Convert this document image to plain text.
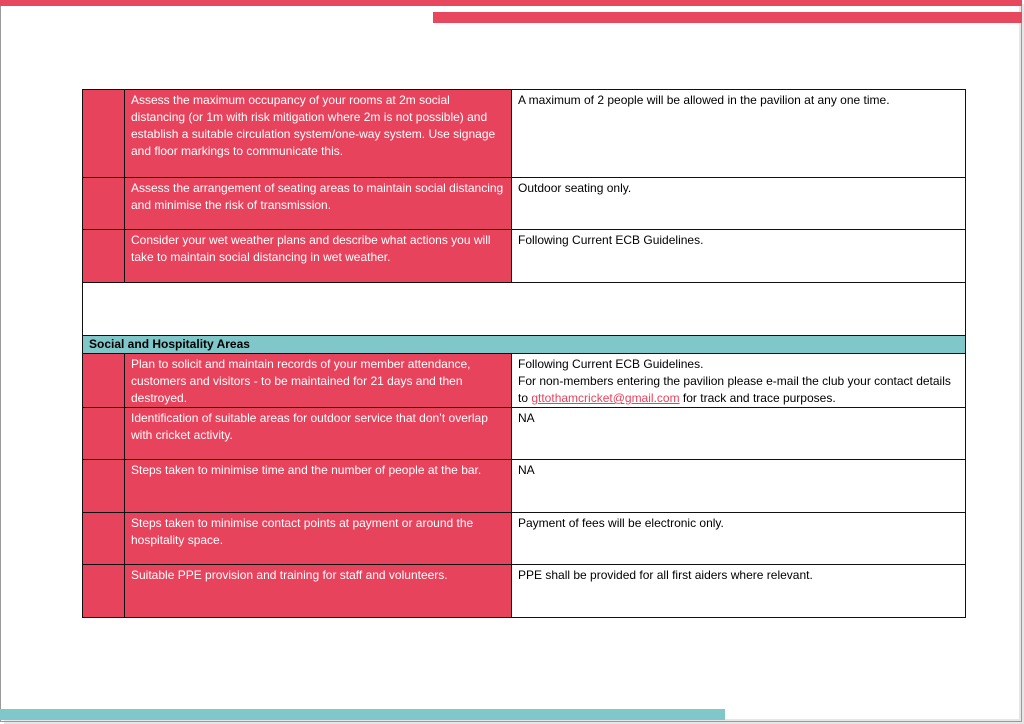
	Assess the maximum occupancy of your rooms at 2m social distancing (or 1m with risk mitigation where 2m is not possible) and establish a suitable circulation system/one-way system. Use signage and floor markings to communicate this.	A maximum of 2 people will be allowed in the pavilion at any one time.
	Assess the arrangement of seating areas to maintain social distancing and minimise the risk of transmission.	Outdoor seating only.
	Consider your wet weather plans and describe what actions you will take to maintain social distancing in wet weather.	Following Current ECB Guidelines.

Social and Hospitality Areas		
	Plan to solicit and maintain records of your member attendance, customers and visitors - to be maintained for 21 days and then destroyed.	Following Current ECB Guidelines.
For non-members entering the pavilion please e-mail the club your contact details to gttothamcricket@gmail.com for track and trace purposes.
	Identification of suitable areas for outdoor service that don’t overlap with cricket activity.	NA
	Steps taken to minimise time and the number of people at the bar.	NA
	Steps taken to minimise contact points at payment or around the hospitality space.	Payment of fees will be electronic only.
	Suitable PPE provision and training for staff and volunteers.	PPE shall be provided for all first aiders where relevant.
